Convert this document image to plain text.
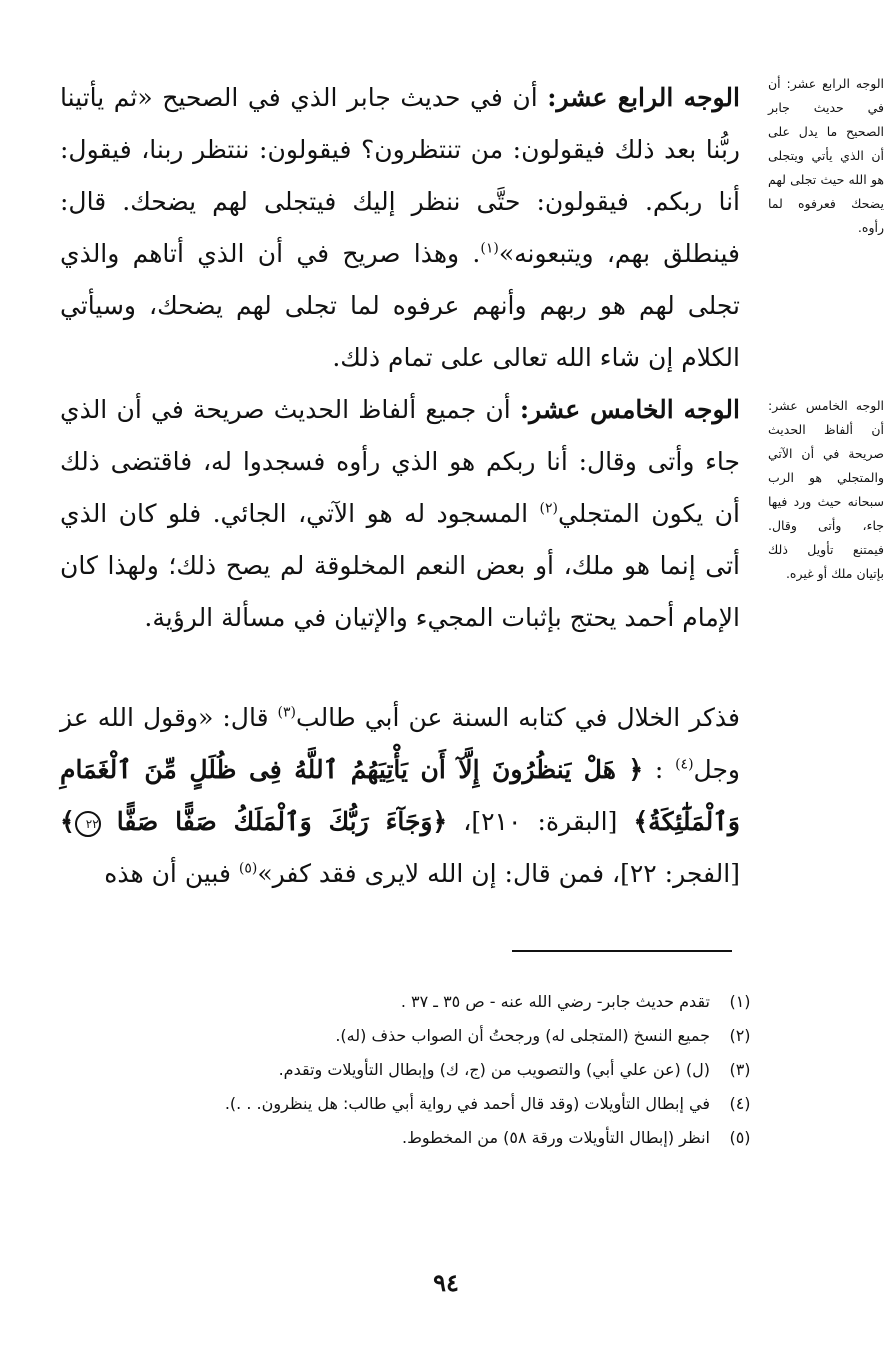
الوجه الرابع عشر: أن في حديث جابر الصحيح ما يدل على أن الذي يأتي ويتجلى هو الله حيث تجلى لهم يضحك فعرفوه لما رأوه.

الوجه الخامس عشر: أن ألفاظ الحديث صريحة في أن الآتي والمتجلي هو الرب سبحانه حيث ورد فيها جاء، وأتى وقال. فيمتنع تأويل ذلك بإتيان ملك أو غيره.

الوجه الرابع عشر: أن في حديث جابر الذي في الصحيح «ثم يأتينا ربُّنا بعد ذلك فيقولون: من تنتظرون؟ فيقولون: ننتظر ربنا، فيقول: أنا ربكم. فيقولون: حتَّى ننظر إليك فيتجلى لهم يضحك. قال: فينطلق بهم، ويتبعونه»$^{(١)}$. وهذا صريح في أن الذي أتاهم والذي تجلى لهم هو ربهم وأنهم عرفوه لما تجلى لهم يضحك، وسيأتي الكلام إن شاء الله تعالى على تمام ذلك.

الوجه الخامس عشر: أن جميع ألفاظ الحديث صريحة في أن الذي جاء وأتى وقال: أنا ربكم هو الذي رأوه فسجدوا له، فاقتضى ذلك أن يكون المتجلي$^{(٢)}$ المسجود له هو الآتي، الجائي. فلو كان الذي أتى إنما هو ملك، أو بعض النعم المخلوقة لم يصح ذلك؛ ولهذا كان الإمام أحمد يحتج بإثبات المجيء والإتيان في مسألة الرؤية.

فذكر الخلال في كتابه السنة عن أبي طالب$^{(٣)}$ قال: «وقول الله عز وجل$^{(٤)}$ : ﴿ هَلْ يَنظُرُونَ إِلَّآ أَن يَأْتِيَهُمُ ٱللَّهُ فِى ظُلَلٍ مِّنَ ٱلْغَمَامِ وَٱلْمَلَٰٓئِكَةُ﴾ [البقرة: ٢١٠]، ﴿وَجَآءَ رَبُّكَ وَٱلْمَلَكُ صَفًّا صَفًّا ٢٢﴾ [الفجر: ٢٢]، فمن قال: إن الله لايرى فقد كفر»$^{(٥)}$ فبين أن هذه

(١)
تقدم حديث جابر- رضي الله عنه - ص ٣٥ ـ ٣٧ .
(٢)
جميع النسخ (المتجلى له) ورجحتُ أن الصواب حذف (له).
(٣)
(ل) (عن علي أبي) والتصويب من (ج، ك) وإبطال التأويلات وتقدم.
(٤)
في إبطال التأويلات (وقد قال أحمد في رواية أبي طالب: هل ينظرون. . .).
(٥)
انظر (إبطال التأويلات ورقة ٥٨) من المخطوط.
٩٤
